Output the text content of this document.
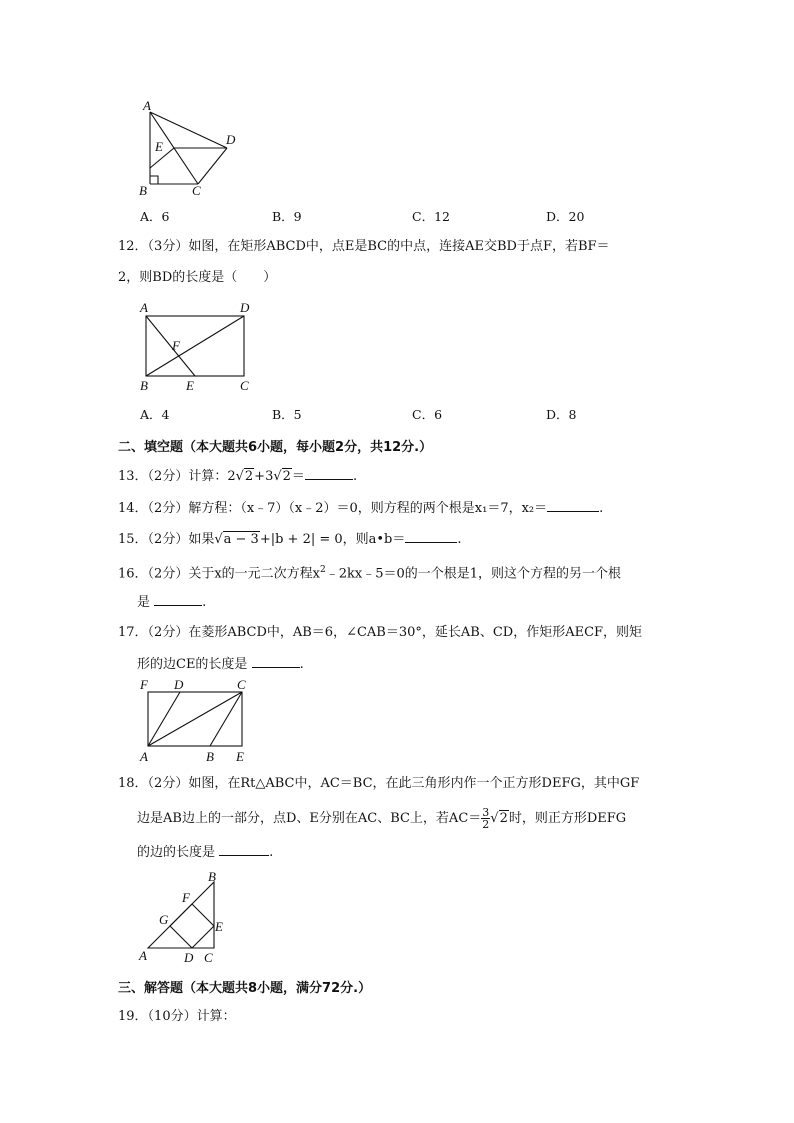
A
E	D
B	C
A．6	B．9	C．12	D．20
12．（3分）如图，在矩形ABCD中，点E是BC的中点，连接AE交BD于点F，若BF＝
2，则BD的长度是（　　）
A	D
F
B	E	C
A．4	B．5	C．6	D．8
二、填空题（本大题共6小题，每小题2分，共12分.）
13．（2分）计算：2√2+3√2＝	.
14．（2分）解方程：（x﹣7）（x﹣2）＝0，则方程的两个根是x₁＝7，x₂＝	.
15．（2分）如果√a − 3+|b + 2| = 0，则a•b＝	.
16．（2分）关于x的一元二次方程$x^2﹣2kx﹣5=0$的一个根是1，则这个方程的另一个根
是	.
17．（2分）在菱形ABCD中，AB＝6，∠CAB＝30°，延长AB、CD，作矩形AECF，则矩
形的边CE的长度是	.
F D	C
A	B E
18．（2分）如图，在Rt△ABC中，AC＝BC，在此三角形内作一个正方形DEFG，其中GF
边是AB边上的一部分，点D、E分别在AC、BC上，若$AC= \frac{3}{2} √2$时，则正方形DEFG
的边的长度是	.
B
F
G	E
A	D C
三、解答题（本大题共8小题，满分72分.）
19．（10分）计算：
